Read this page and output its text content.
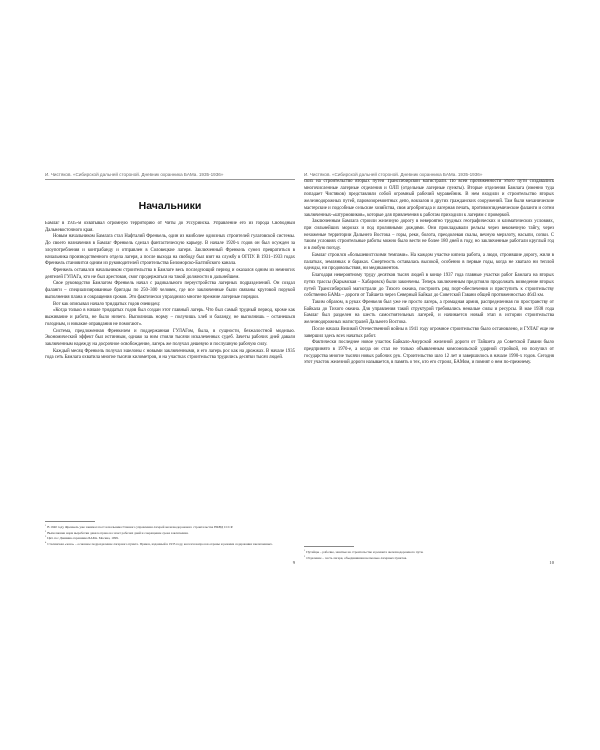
И. Чистяков. «Сибирской дальней стороной. Дневник охранника БАМа. 1935-1936»
Начальники

Бамлаг в 1935-м охватывал огромную территорию от Читы до Уссурийска. Управление его из города Свободный Дальневосточного края.

Новым начальником Бамлага стал Нафталий Френкель, один из наиболее одиозных строителей гулаговской системы. До своего назначения в Бамлаг Френкель сделал фантастическую карьеру. В начале 1920-х годов он был осужден за злоупотребления и контрабанду и отправлен в Соловецкие лагеря. Заключенный Френкель сумел превратиться в начальника производственного отдела лагеря, а после выхода на свободу был взят на службу в ОГПУ. В 1931–1933 годах Френкель становится одним из руководителей строительства Беломорско-Балтийского канала.

Френкель оставался начальником строительства в Бамлаге весь последующий период и оказался одним из немногих деятелей ГУЛАГа, кто не был арестован, смог продержаться на такой должности в дальнейшем.

Свое руководство Бамлагом Френкель начал с радикального переустройства лагерных подразделений. Он создал фаланги – специализированные бригады по 250–300 человек, где все заключенные были связаны круговой порукой выполнения плана и сокращения сроков. Это фактически упразднило многие прежние лагерные порядки.

Вот как описывал начало тридцатых годов очевидец:

«Когда только в начале тридцатых годов был создан этот главный лагерь. Что был самый трудный период, кроме как выживание и работа, не было ничего. Выполнишь норму – получишь хлеб и баланду, не выполнишь – останешься голодным, и никакие оправдания не помогают».

Система, предложенная Френкелем и поддержанная ГУЛАГом, была, в сущности, безжалостной моделью. Экономический эффект был истинным, однако за ним стояли тысячи искалеченных судеб. Зачеты рабочих дней давали заключенным надежду на досрочное освобождение, лагерь же получал дешевую и послушную рабочую силу.

Каждый месяц Френкель получал эшелоны с новыми заключенными, и его лагерь рос как на дрожжах. В начале 1935 года сеть Бамлага охватила многие тысячи километров, и на участках строительства трудились десятки тысяч людей.

$^1$В 1940 году Френкель уже занимал пост начальника Главного управления лагерей железнодорожного строительства НКВД СССР.

$^2$Выполнение норм выработки давало право на зачет рабочих дней и сокращение срока заключения.

$^3$Цит. по: Дневник охранника БАМа. Москва, 1999.

$^4$Сталинская «зона» – основное подразделение лагерного пункта. Приказ, изданный в 1935 году, касался вопросов охраны и режима содержания заключенных.

9
И. Чистяков. «Сибирской дальней стороной. Дневник охранника БАМа. 1935-1936»

ских на строительство вторых путей Транссибирской магистрали. По всей протяженности этого пути создавались многочисленные лагерные отделения и ОЛП (отдельные лагерные пункты). Вторые отделения Бамлага (именно туда попадает Чистяков) представляли собой огромный рабочий муравейник. В нем входили и строительство вторых железнодорожных путей, паровозоремонтных депо, вокзалов и других гражданских сооружений. Там были механические мастерские и подсобные сельские хозяйства, своя агробригада и лагерная печать, противоэпидемические фаланги и сотни заключенных-«штурмовиков», которые для привлечения к работам приходили к лагерям с проверкой.

Заключенным Бамлага строили железную дорогу в невероятно трудных географических и климатических условиях, при сильнейших морозах и под проливными дождями. Они прокладывали рельсы через вековечную тайгу, через нехоженые территории Дальнего Востока – горы, реки, болота, преодолевая скалы, вечную мерзлоту, насыпи, сопки. С таким условиях строительные работы можно было вести не более 180 дней в году, но заключенные работали круглый год и в любую погоду.

Бамлаг строился «большевистскими темпами». На каждом участке кипела работа, а люди, строившие дорогу, жили в палатках, землянках и бараках. Смертность оставалась высокой, особенно в первые годы, когда не хватало ни теплой одежды, ни продовольствия, ни медикаментов.

Благодаря невероятному труду десятков тысяч людей в конце 1937 года главные участки работ Бамлага на вторых путях трассы (Карымская – Хабаровск) были закончены. Теперь заключенным предстояло продолжать возведение вторых путей Транссибирской магистрали до Тихого океана, построить ряд порт-обеспечения и приступить к строительству собственно БАМа – дороги от Тайшета через Северный Байкал до Советской Гавани общей протяженностью 4643 км.

Таким образом, в руках Френкеля был уже не просто лагерь, а громадная армия, распределенная по пространству от Байкала до Тихого океана. Для управления такой структурой требовались немалые силы и ресурсы. В мае 1938 года Бамлаг был разделен на шесть самостоятельных лагерей, и начинается новый этап в истории строительства железнодорожных магистралей Дальнего Востока.

После начала Великой Отечественной войны в 1941 году огромное строительство было остановлено, и ГУЛАГ еще не завершил здесь всех начатых работ.

Фактически последнее новое участок Байкало-Амурской железной дороги от Тайшета до Советской Гавани было предпринято в 1970-е, а когда он стал не только объявленным комсомольской ударной стройкой, но получил от государства многие тысячи новых рабочих рук. Строительство шло 12 лет и завершилось в начале 1990-х годов. Сегодня этот участок железной дороги называется, в память о тех, кто его строил, БАМом, и помнят о нем по-прежнему.

$^1$Путейцы – рабочие, занятые на строительстве и ремонте железнодорожного пути.

$^2$Отделение – часть лагеря, объединявшая несколько лагерных пунктов.

10
